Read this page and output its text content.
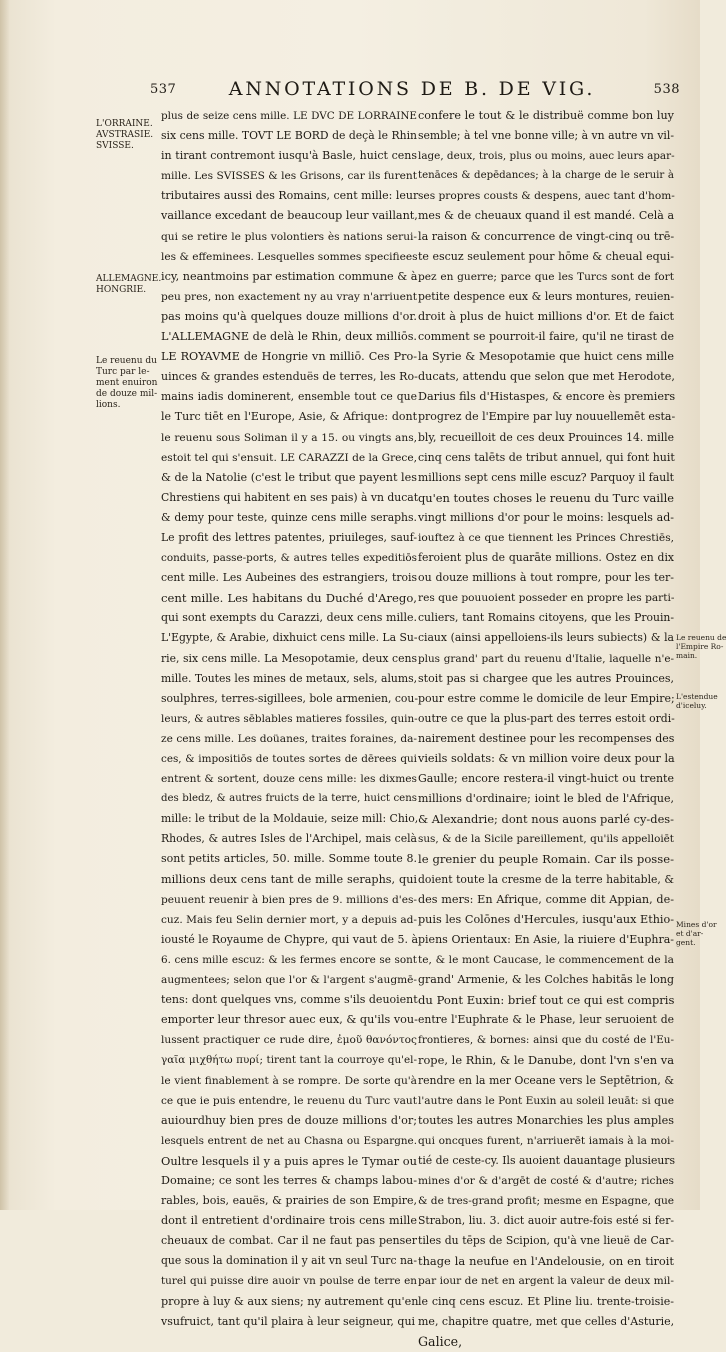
537	ANNOTATIONS DE B. DE VIG.	538
L'ORRAINE.
AVSTRASIE.
SVISSE.
ALLEMAGNE.
HONGRIE.
Le reuenu du
Turc par le-
ment enuiron
de douze mil-
lions.
Le reuenu de
l'Empire Ro-
main.
L'estendue
d'iceluy.
Mines d'or
et d'ar-
gent.
plus de seize cens mille. LE DVC DE LORRAINE
six cens mille. TOVT LE BORD de deçà le Rhin
in tirant contremont iusqu'à Basle, huict cens
mille. Les SVISSES & les Grisons, car ils furent
tributaires aussi des Romains, cent mille: leur
vaillance excedant de beaucoup leur vaillant,
qui se retire le plus volontiers ès nations serui-
les & effeminees. Lesquelles sommes specifiees
icy, neantmoins par estimation commune & à
peu pres, non exactement ny au vray n'arriuent
pas moins qu'à quelques douze millions d'or.
L'ALLEMAGNE de delà le Rhin, deux milliōs.
LE ROYAVME de Hongrie vn milliō. Ces Pro-
uinces & grandes estenduës de terres, les Ro-
mains iadis dominerent, ensemble tout ce que
le Turc tiēt en l'Europe, Asie, & Afrique: dont
le reuenu sous Soliman il y a 15. ou vingts ans,
estoit tel qui s'ensuit. LE CARAZZI de la Grece,
& de la Natolie (c'est le tribut que payent les
Chrestiens qui habitent en ses pais) à vn ducat
& demy pour teste, quinze cens mille seraphs.
Le profit des lettres patentes, priuileges, sauf-
conduits, passe-ports, & autres telles expeditiōs
cent mille. Les Aubeines des estrangiers, trois
cent mille. Les habitans du Duché d'Arego,
qui sont exempts du Carazzi, deux cens mille.
L'Egypte, & Arabie, dixhuict cens mille. La Su-
rie, six cens mille. La Mesopotamie, deux cens
mille. Toutes les mines de metaux, sels, alums,
soulphres, terres-sigillees, bole armenien, cou-
leurs, & autres sēblables matieres fossiles, quin-
ze cens mille. Les doüanes, traites foraines, da-
ces, & impositiōs de toutes sortes de dērees qui
entrent & sortent, douze cens mille: les dixmes
des bledz, & autres fruicts de la terre, huict cens
mille: le tribut de la Moldauie, seize mill: Chio,
Rhodes, & autres Isles de l'Archipel, mais celà
sont petits articles, 50. mille. Somme toute 8.
millions deux cens tant de mille seraphs, qui
peuuent reuenir à bien pres de 9. millions d'es-
cuz. Mais feu Selin dernier mort, y a depuis ad-
iousté le Royaume de Chypre, qui vaut de 5. à
6. cens mille escuz: & les fermes encore se sont
augmentees; selon que l'or & l'argent s'augmē-
tens: dont quelques vns, comme s'ils deuoient
emporter leur thresor auec eux, & qu'ils vou-
lussent practiquer ce rude dire, ἐμοῦ θανόντος
γαῖα μιχθήτω πυρί; tirent tant la courroye qu'el-
le vient finablement à se rompre. De sorte qu'à
ce que ie puis entendre, le reuenu du Turc vaut
auiourdhuy bien pres de douze millions d'or;
lesquels entrent de net au Chasna ou Espargne.
Oultre lesquels il y a puis apres le Tymar ou
Domaine; ce sont les terres & champs labou-
rables, bois, eauës, & prairies de son Empire,
dont il entretient d'ordinaire trois cens mille
cheuaux de combat. Car il ne faut pas penser
que sous la domination il y ait vn seul Turc na-
turel qui puisse dire auoir vn poulse de terre en
propre à luy & aux siens; ny autrement qu'en
vsufruict, tant qu'il plaira à leur seigneur, qui
confere le tout & le distribuë comme bon luy
semble; à tel vne bonne ville; à vn autre vn vil-
lage, deux, trois, plus ou moins, auec leurs apar-
tenāces & depēdances; à la charge de le seruir à
ses propres cousts & despens, auec tant d'hom-
mes & de cheuaux quand il est mandé. Celà a
la raison & concurrence de vingt-cinq ou trē-
te escuz seulement pour hōme & cheual equi-
pez en guerre; parce que les Turcs sont de fort
petite despence eux & leurs montures, reuien-
droit à plus de huict millions d'or. Et de faict
comment se pourroit-il faire, qu'il ne tirast de
la Syrie & Mesopotamie que huict cens mille
ducats, attendu que selon que met Herodote,
Darius fils d'Histaspes, & encore ès premiers
progrez de l'Empire par luy nouuellemēt esta-
bly, recueilloit de ces deux Prouinces 14. mille
cinq cens talēts de tribut annuel, qui font huit
millions sept cens mille escuz? Parquoy il fault
qu'en toutes choses le reuenu du Turc vaille
vingt millions d'or pour le moins: lesquels ad-
iouftez à ce que tiennent les Princes Chrestiēs,
feroient plus de quarāte millions. Ostez en dix
ou douze millions à tout rompre, pour les ter-
res que pouuoient posseder en propre les parti-
culiers, tant Romains citoyens, que les Prouin-
ciaux (ainsi appelloiens-ils leurs subiects) & la
plus grand' part du reuenu d'Italie, laquelle n'e-
stoit pas si chargee que les autres Prouinces,
pour estre comme le domicile de leur Empire;
outre ce que la plus-part des terres estoit ordi-
nairement destinee pour les recompenses des
vieils soldats: & vn million voire deux pour la
Gaulle; encore restera-il vingt-huict ou trente
millions d'ordinaire; ioint le bled de l'Afrique,
& Alexandrie; dont nous auons parlé cy-des-
sus, & de la Sicile pareillement, qu'ils appelloiēt
le grenier du peuple Romain. Car ils posse-
doient toute la cresme de la terre habitable, &
des mers: En Afrique, comme dit Appian, de-
puis les Colōnes d'Hercules, iusqu'aux Ethio-
piens Orientaux: En Asie, la riuiere d'Euphra-
te, & le mont Caucase, le commencement de la
grand' Armenie, & les Colches habitās le long
du Pont Euxin: brief tout ce qui est compris
entre l'Euphrate & le Phase, leur seruoient de
frontieres, & bornes: ainsi que du costé de l'Eu-
rope, le Rhin, & le Danube, dont l'vn s'en va
rendre en la mer Oceane vers le Septētrion, &
l'autre dans le Pont Euxin au soleil leuāt: si que
toutes les autres Monarchies les plus amples
qui oncques furent, n'arriuerēt iamais à la moi-
tié de ceste-cy. Ils auoient dauantage plusieurs
mines d'or & d'argēt de costé & d'autre; riches
& de tres-grand profit; mesme en Espagne, que
Strabon, liu. 3. dict auoir autre-fois esté si fer-
tiles du tēps de Scipion, qu'à vne lieuë de Car-
thage la neufue en l'Andelousie, on en tiroit
par iour de net en argent la valeur de deux mil-
le cinq cens escuz. Et Pline liu. trente-troisie-
me, chapitre quatre, met que celles d'Asturie,
Galice,
